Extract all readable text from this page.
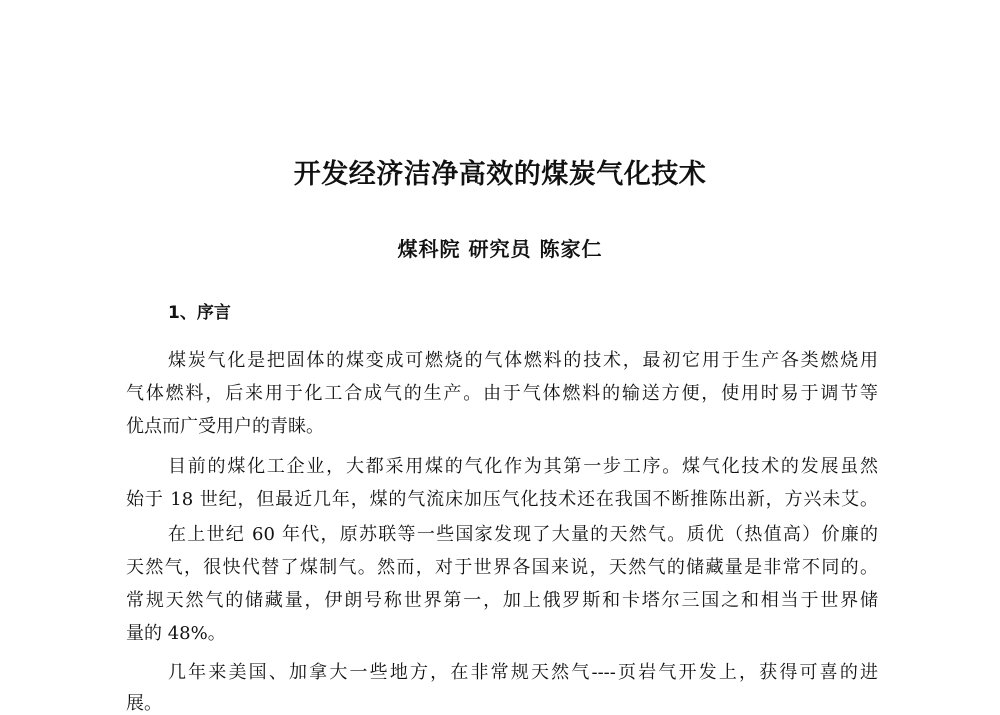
开发经济洁净高效的煤炭气化技术
煤科院 研究员 陈家仁
1、序言
煤炭气化是把固体的煤变成可燃烧的气体燃料的技术，最初它用于生产各类燃烧用
气体燃料，后来用于化工合成气的生产。由于气体燃料的输送方便，使用时易于调节等
优点而广受用户的青睐。
目前的煤化工企业，大都采用煤的气化作为其第一步工序。煤气化技术的发展虽然
始于 18 世纪，但最近几年，煤的气流床加压气化技术还在我国不断推陈出新，方兴未艾。
在上世纪 60 年代，原苏联等一些国家发现了大量的天然气。质优（热值高）价廉的
天然气，很快代替了煤制气。然而，对于世界各国来说，天然气的储藏量是非常不同的。
常规天然气的储藏量，伊朗号称世界第一，加上俄罗斯和卡塔尔三国之和相当于世界储
量的 48%。
几年来美国、加拿大一些地方，在非常规天然气----页岩气开发上，获得可喜的进
展。
